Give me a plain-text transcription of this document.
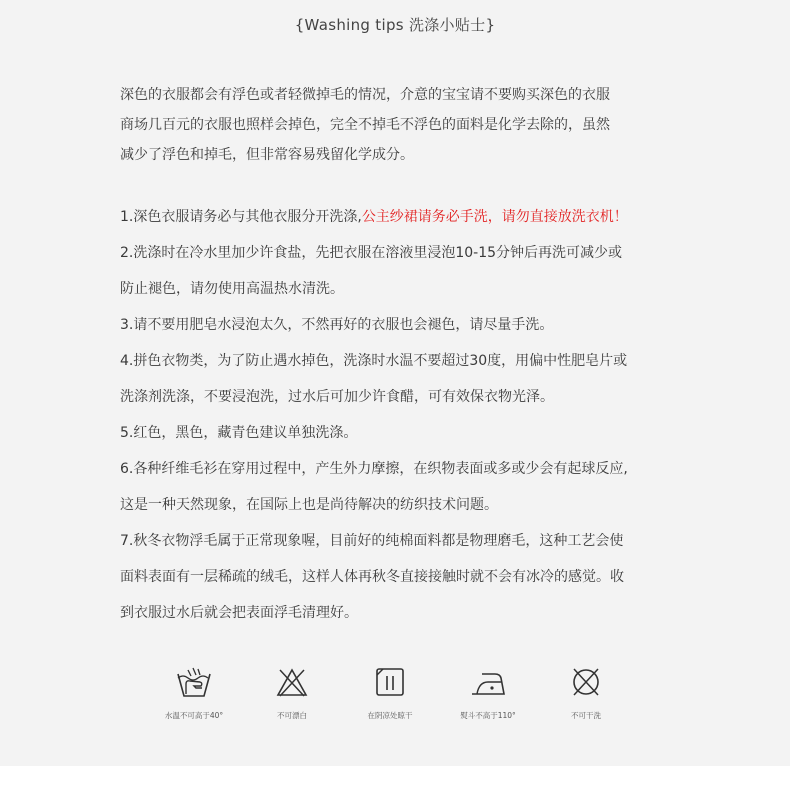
{Washing tips 洗涤小贴士}

深色的衣服都会有浮色或者轻微掉毛的情况，介意的宝宝请不要购买深色的衣服

商场几百元的衣服也照样会掉色，完全不掉毛不浮色的面料是化学去除的，虽然

减少了浮色和掉毛，但非常容易残留化学成分。

1.深色衣服请务必与其他衣服分开洗涤,公主纱裙请务必手洗，请勿直接放洗衣机！

2.洗涤时在冷水里加少许食盐，先把衣服在溶液里浸泡10-15分钟后再洗可减少或

防止褪色，请勿使用高温热水清洗。

3.请不要用肥皂水浸泡太久，不然再好的衣服也会褪色，请尽量手洗。

4.拼色衣物类，为了防止遇水掉色，洗涤时水温不要超过30度，用偏中性肥皂片或

洗涤剂洗涤，不要浸泡洗，过水后可加少许食醋，可有效保衣物光泽。

5.红色，黑色，藏青色建议单独洗涤。

6.各种纤维毛衫在穿用过程中，产生外力摩擦，在织物表面或多或少会有起球反应,

这是一种天然现象，在国际上也是尚待解决的纺织技术问题。

7.秋冬衣物浮毛属于正常现象喔，目前好的纯棉面料都是物理磨毛，这种工艺会使

面料表面有一层稀疏的绒毛，这样人体再秋冬直接接触时就不会有冰冷的感觉。收

到衣服过水后就会把表面浮毛清理好。

水温不可高于40°	不可漂白	在阴凉处晾干	熨斗不高于110°	不可干洗
